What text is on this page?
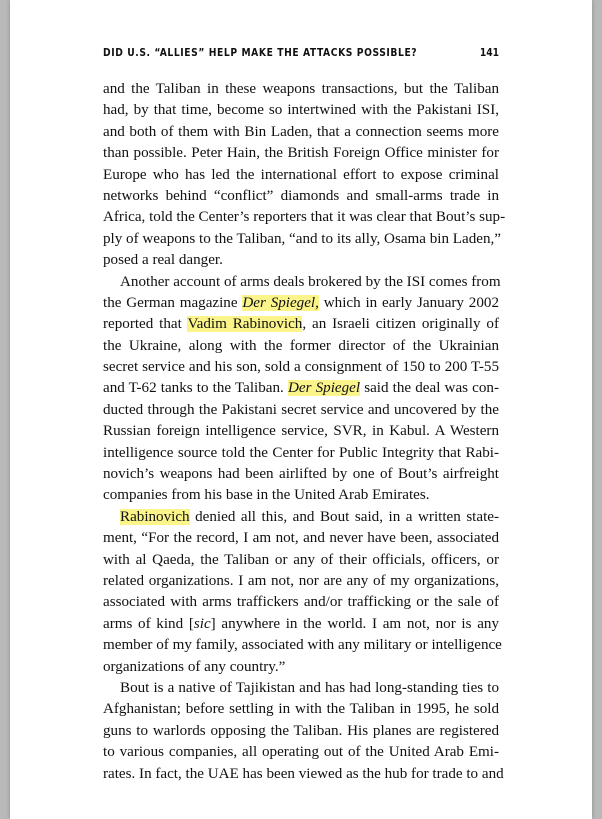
DID U.S. “ALLIES” HELP MAKE THE ATTACKS POSSIBLE?	141
and the Taliban in these weapons transactions, but the Taliban
had, by that time, become so intertwined with the Pakistani ISI,
and both of them with Bin Laden, that a connection seems more
than possible. Peter Hain, the British Foreign Office minister for
Europe who has led the international effort to expose criminal
networks behind “conflict” diamonds and small-arms trade in
Africa, told the Center’s reporters that it was clear that Bout’s sup-
ply of weapons to the Taliban, “and to its ally, Osama bin Laden,”
posed a real danger.
Another account of arms deals brokered by the ISI comes from
the German magazine Der Spiegel, which in early January 2002
reported that Vadim Rabinovich, an Israeli citizen originally of
the Ukraine, along with the former director of the Ukrainian
secret service and his son, sold a consignment of 150 to 200 T-55
and T-62 tanks to the Taliban. Der Spiegel said the deal was con-
ducted through the Pakistani secret service and uncovered by the
Russian foreign intelligence service, SVR, in Kabul. A Western
intelligence source told the Center for Public Integrity that Rabi-
novich’s weapons had been airlifted by one of Bout’s airfreight
companies from his base in the United Arab Emirates.
Rabinovich denied all this, and Bout said, in a written state-
ment, “For the record, I am not, and never have been, associated
with al Qaeda, the Taliban or any of their officials, officers, or
related organizations. I am not, nor are any of my organizations,
associated with arms traffickers and/or trafficking or the sale of
arms of kind [sic] anywhere in the world. I am not, nor is any
member of my family, associated with any military or intelligence
organizations of any country.”
Bout is a native of Tajikistan and has had long-standing ties to
Afghanistan; before settling in with the Taliban in 1995, he sold
guns to warlords opposing the Taliban. His planes are registered
to various companies, all operating out of the United Arab Emi-
rates. In fact, the UAE has been viewed as the hub for trade to and
